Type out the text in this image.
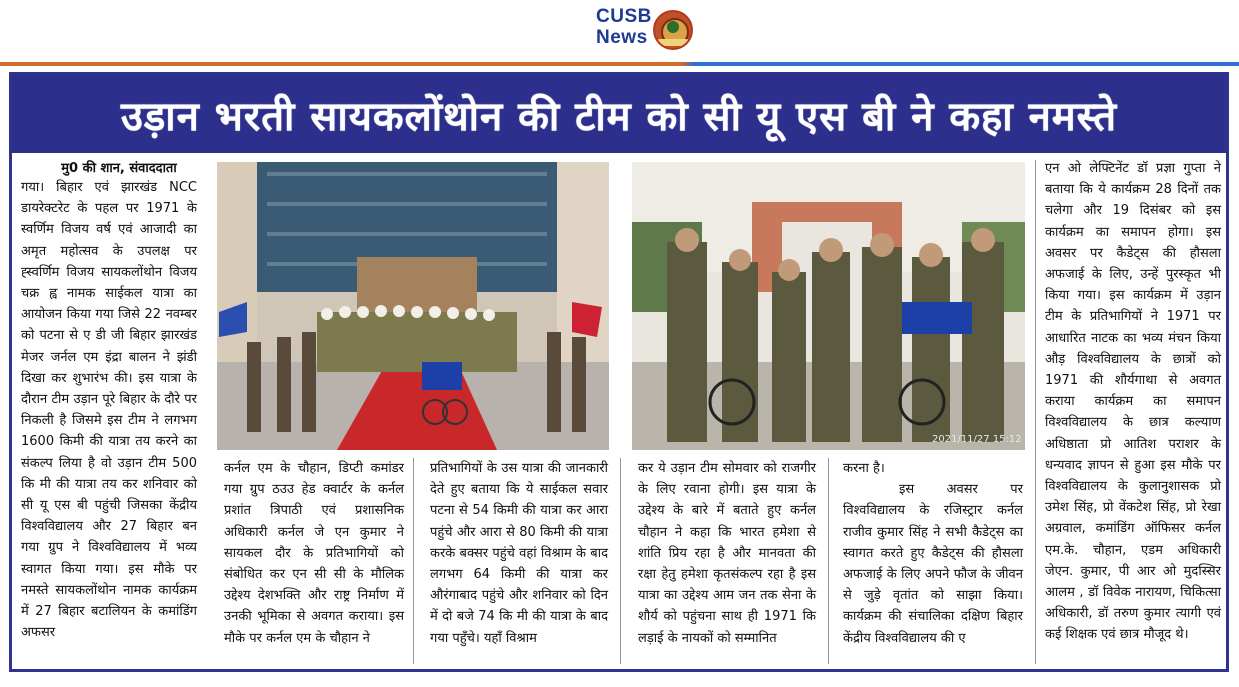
CUSB
News
उड़ान भरती सायकलोंथोन की टीम को सी यू एस बी ने कहा नमस्ते
मु0 की शान, संवाददाता

गया। बिहार एवं झारखंड NCC डायरेक्टरेट के पहल पर 1971 के स्वर्णिम विजय वर्ष एवं आजादी का अमृत महोत्सव के उपलक्ष पर ह्स्वर्णिम विजय सायकलोंथोन विजय चक्र ह्व नामक साईकल यात्रा का आयोजन किया गया जिसे 22 नवम्बर को पटना से ए डी जी बिहार झारखंड मेजर जर्नल एम इंद्रा बालन ने झंडी दिखा कर शुभारंभ की। इस यात्रा के दौरान टीम उड़ान पूरे बिहार के दौरे पर निकली है जिसमे इस टीम ने लगभग 1600 किमी की यात्रा तय करने का संकल्प लिया है वो उड़ान टीम 500 कि मी की यात्रा तय कर शनिवार को सी यू एस बी पहुंची जिसका केंद्रीय विश्वविद्यालय और 27 बिहार बन गया ग्रुप ने विश्वविद्यालय में भव्य स्वागत किया गया। इस मौके पर नमस्ते सायकलोंथोन नामक कार्यक्रम में 27 बिहार बटालियन के कमांडिंग अफसर

2021/11/27 15:12

कर्नल एम के चौहान, डिप्टी कमांडर गया ग्रुप ठउउ हेड क्वार्टर के कर्नल प्रशांत त्रिपाठी एवं प्रशासनिक अधिकारी कर्नल जे एन कुमार ने सायकल दौर के प्रतिभागियों को संबोधित कर एन सी सी के मौलिक उद्देश्य देशभक्ति और राष्ट्र निर्माण में उनकी भूमिका से अवगत कराया। इस मौके पर कर्नल एम के चौहान ने

प्रतिभागियों के उस यात्रा की जानकारी देते हुए बताया कि ये साईकल सवार पटना से 54 किमी की यात्रा कर आरा पहुंचे और आरा से 80 किमी की यात्रा करके बक्सर पहुंचे वहां विश्राम के बाद लगभग 64 किमी की यात्रा कर औरंगाबाद पहुंचे और शनिवार को दिन में दो बजे 74 कि मी की यात्रा के बाद गया पहुँचे। यहाँ विश्राम

कर ये उड़ान टीम सोमवार को राजगीर के लिए रवाना होगी। इस यात्रा के उद्देश्य के बारे में बताते हुए कर्नल चौहान ने कहा कि भारत हमेशा से शांति प्रिय रहा है और मानवता की रक्षा हेतु हमेशा कृतसंकल्प रहा है इस यात्रा का उद्देश्य आम जन तक सेना के शौर्य को पहुंचना साथ ही 1971 कि लड़ाई के नायकों को सम्मानित

करना है।

इस अवसर पर विश्वविद्यालय के रजिस्ट्रार कर्नल राजीव कुमार सिंह ने सभी कैडेट्स का स्वागत करते हुए कैडेट्स की हौसला अफजाई के लिए अपने फौज के जीवन से जुड़े वृतांत को साझा किया। कार्यक्रम की संचालिका दक्षिण बिहार केंद्रीय विश्वविद्यालय की ए

एन ओ लेफ्टिनेंट डॉ प्रज्ञा गुप्ता ने बताया कि ये कार्यक्रम 28 दिनों तक चलेगा और 19 दिसंबर को इस कार्यक्रम का समापन होगा। इस अवसर पर कैडेट्स की हौसला अफजाई के लिए, उन्हें पुरस्कृत भी किया गया। इस कार्यक्रम में उड़ान टीम के प्रतिभागियों ने 1971 पर आधारित नाटक का भव्य मंचन किया औड़ विश्वविद्यालय के छात्रों को 1971 की शौर्यगाथा से अवगत कराया कार्यक्रम का समापन विश्वविद्यालय के छात्र कल्याण अधिष्ठाता प्रो आतिश पराशर के धन्यवाद ज्ञापन से हुआ इस मौके पर विश्वविद्यालय के कुलानुशासक प्रो उमेश सिंह, प्रो वेंकटेश सिंह, प्रो रेखा अग्रवाल, कमांडिंग ऑफिसर कर्नल एम.के. चौहान, एडम अधिकारी जेएन. कुमार, पी आर ओ मुदस्सिर आलम , डॉ विवेक नारायण, चिकित्सा अधिकारी, डॉ तरुण कुमार त्यागी एवं कई शिक्षक एवं छात्र मौजूद थे।
